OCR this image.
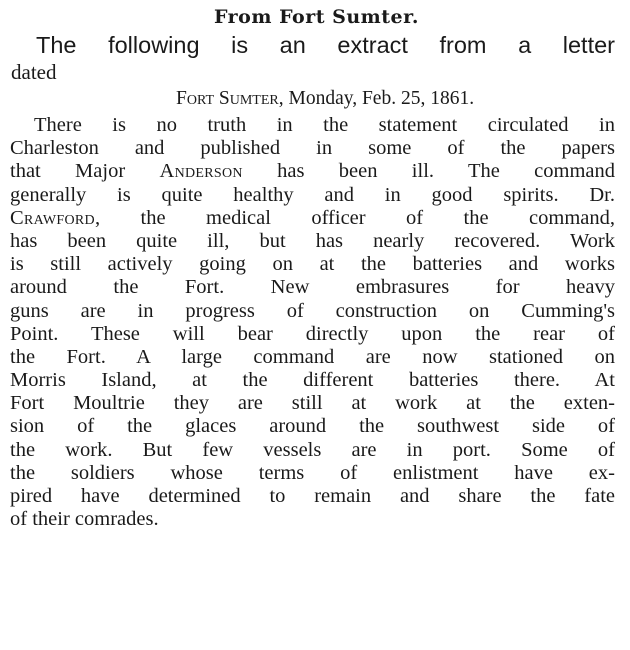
From Fort Sumter.
The following is an extract from a letter
dated
Fort Sumter, Monday, Feb. 25, 1861.
There is no truth in the statement circulated in
Charleston and published in some of the papers
that Major Anderson has been ill. The command
generally is quite healthy and in good spirits. Dr.
Crawford, the medical officer of the command,
has been quite ill, but has nearly recovered. Work
is still actively going on at the batteries and works
around the Fort. New embrasures for heavy
guns are in progress of construction on Cumming's
Point. These will bear directly upon the rear of
the Fort. A large command are now stationed on
Morris Island, at the different batteries there. At
Fort Moultrie they are still at work at the exten-
sion of the glaces around the southwest side of
the work. But few vessels are in port. Some of
the soldiers whose terms of enlistment have ex-
pired have determined to remain and share the fate
of their comrades.
